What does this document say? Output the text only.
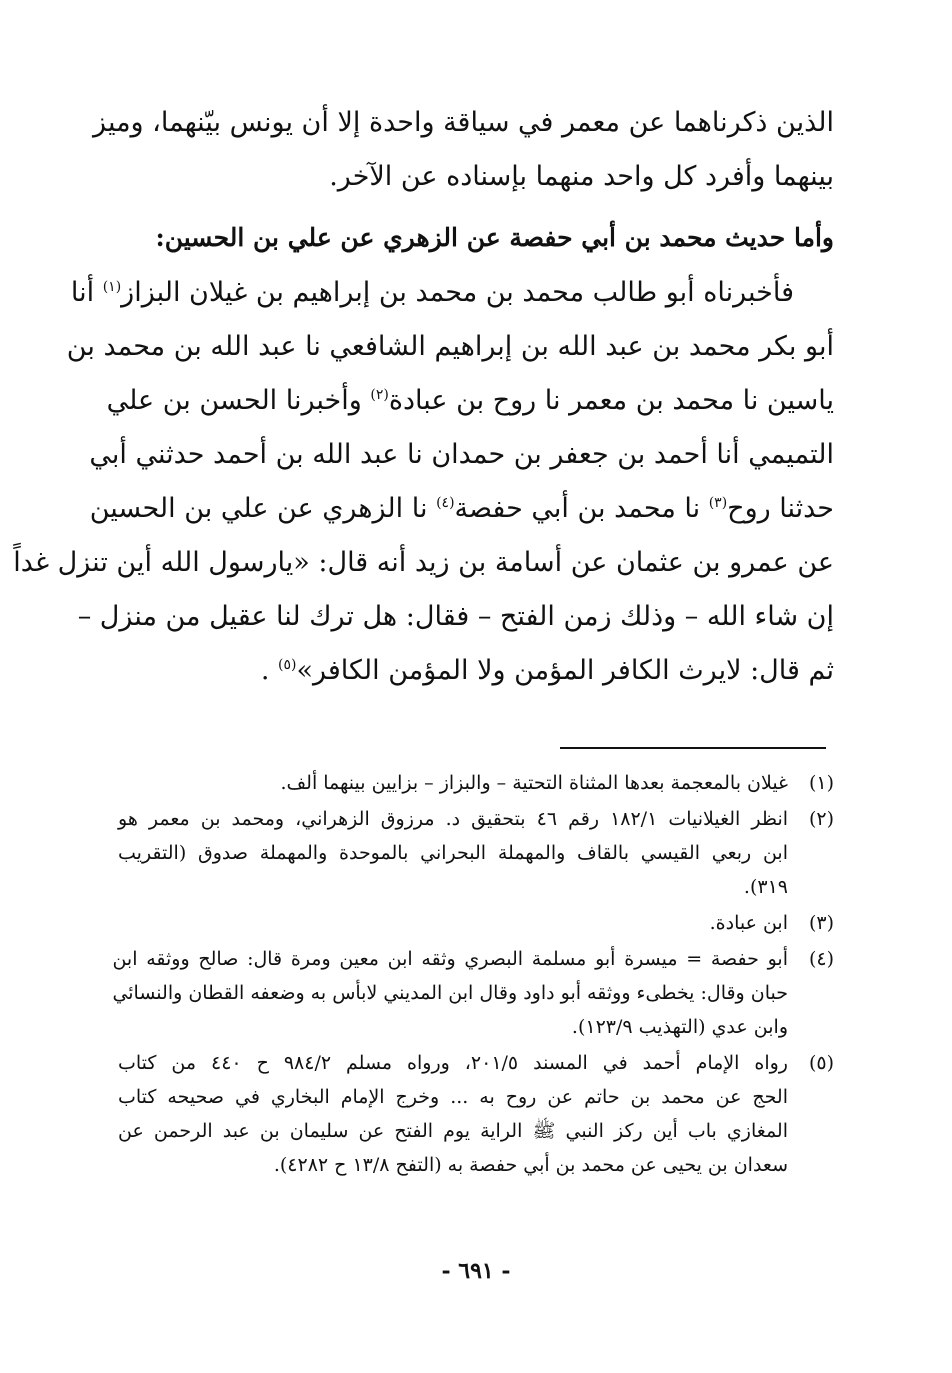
الذين ذكرناهما عن معمر في سياقة واحدة إلا أن يونس بيّنهما، وميز
بينهما وأفرد كل واحد منهما بإسناده عن الآخر.

وأما حديث محمد بن أبي حفصة عن الزهري عن علي بن الحسين:

فأخبرناه أبو طالب محمد بن محمد بن إبراهيم بن غيلان البزاز$^{(١)}$ أنا
أبو بكر محمد بن عبد الله بن إبراهيم الشافعي نا عبد الله بن محمد بن
ياسين نا محمد بن معمر نا روح بن عبادة$^{(٢)}$ وأخبرنا الحسن بن علي
التميمي أنا أحمد بن جعفر بن حمدان نا عبد الله بن أحمد حدثني أبي
حدثنا روح$^{(٣)}$ نا محمد بن أبي حفصة$^{(٤)}$ نا الزهري عن علي بن الحسين
عن عمرو بن عثمان عن أسامة بن زيد أنه قال: «يارسول الله أين تنزل غداً
إن شاء الله – وذلك زمن الفتح – فقال: هل ترك لنا عقيل من منزل –
ثم قال: لايرث الكافر المؤمن ولا المؤمن الكافر»$^{(٥)}$ .

(١)
غيلان بالمعجمة بعدها المثناة التحتية – والبزاز – بزايين بينهما ألف.
(٢)
انظر الغيلانيات ١٨٢/١ رقم ٤٦ بتحقيق د. مرزوق الزهراني، ومحمد بن معمر هو
ابن ربعي القيسي بالقاف والمهملة البحراني بالموحدة والمهملة صدوق (التقريب
٣١٩).
(٣)
ابن عبادة.
(٤)
أبو حفصة = ميسرة أبو مسلمة البصري وثقه ابن معين ومرة قال: صالح ووثقه ابن
حبان وقال: يخطىء ووثقه أبو داود وقال ابن المديني لابأس به وضعفه القطان والنسائي
وابن عدي (التهذيب ١٢٣/٩).
(٥)
رواه الإمام أحمد في المسند ٢٠١/٥، ورواه مسلم ٩٨٤/٢ ح ٤٤٠ من كتاب
الحج عن محمد بن حاتم عن روح به ... وخرج الإمام البخاري في صحيحه كتاب
المغازي باب أين ركز النبي ﷺ الراية يوم الفتح عن سليمان بن عبد الرحمن عن
سعدان بن يحيى عن محمد بن أبي حفصة به (التفح ١٣/٨ ح ٤٢٨٢).
- ٦٩١ -
